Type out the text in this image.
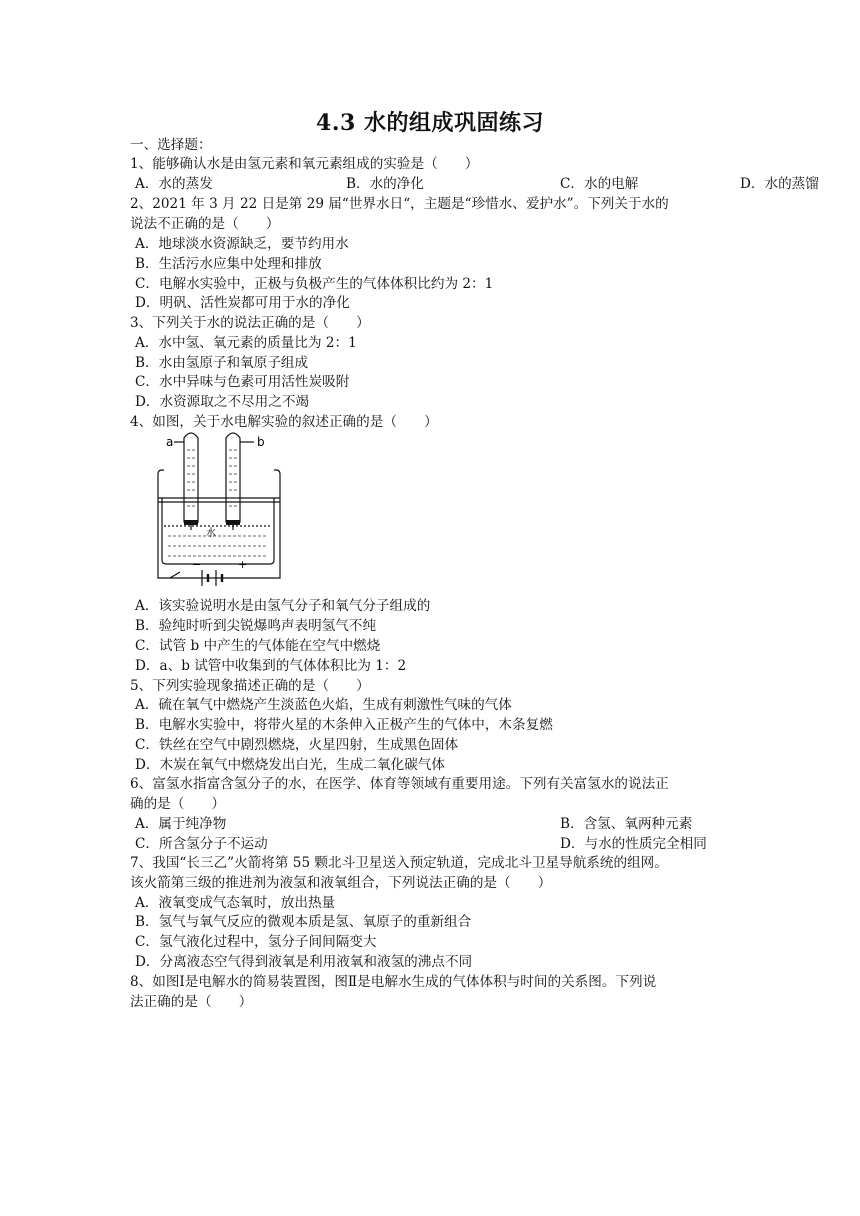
4.3 水的组成巩固练习
一、选择题：
1、能够确认水是由氢元素和氧元素组成的实验是（　　）
A．水的蒸发	B．水的净化	C．水的电解	D．水的蒸馏
2、2021 年 3 月 22 日是第 29 届“世界水日“，主题是“珍惜水、爱护水”。下列关于水的
说法不正确的是（　　）
A．地球淡水资源缺乏，要节约用水
B．生活污水应集中处理和排放
C．电解水实验中，正极与负极产生的气体体积比约为 2：1
D．明矾、活性炭都可用于水的净化
3、下列关于水的说法正确的是（　　）
A．水中氢、氧元素的质量比为 2：1
B．水由氢原子和氧原子组成
C．水中异味与色素可用活性炭吸附
D．水资源取之不尽用之不竭
4、如图，关于水电解实验的叙述正确的是（　　）
a	b
水
−	+
A．该实验说明水是由氢气分子和氧气分子组成的
B．验纯时听到尖锐爆鸣声表明氢气不纯
C．试管 b 中产生的气体能在空气中燃烧
D．a、b 试管中收集到的气体体积比为 1：2
5、下列实验现象描述正确的是（　　）
A．硫在氧气中燃烧产生淡蓝色火焰，生成有刺激性气味的气体
B．电解水实验中，将带火星的木条伸入正极产生的气体中，木条复燃
C．铁丝在空气中剧烈燃烧，火星四射，生成黑色固体
D．木炭在氧气中燃烧发出白光，生成二氧化碳气体
6、富氢水指富含氢分子的水，在医学、体育等领域有重要用途。下列有关富氢水的说法正
确的是（　　）
A．属于纯净物	B．含氢、氧两种元素
C．所含氢分子不运动	D．与水的性质完全相同
7、我国“长三乙”火箭将第 55 颗北斗卫星送入预定轨道，完成北斗卫星导航系统的组网。
该火箭第三级的推进剂为液氢和液氧组合，下列说法正确的是（　　）
A．液氧变成气态氧时，放出热量
B．氢气与氧气反应的微观本质是氢、氧原子的重新组合
C．氢气液化过程中，氢分子间间隔变大
D．分离液态空气得到液氧是利用液氧和液氢的沸点不同
8、如图Ⅰ是电解水的简易装置图，图Ⅱ是电解水生成的气体体积与时间的关系图。下列说
法正确的是（　　）
